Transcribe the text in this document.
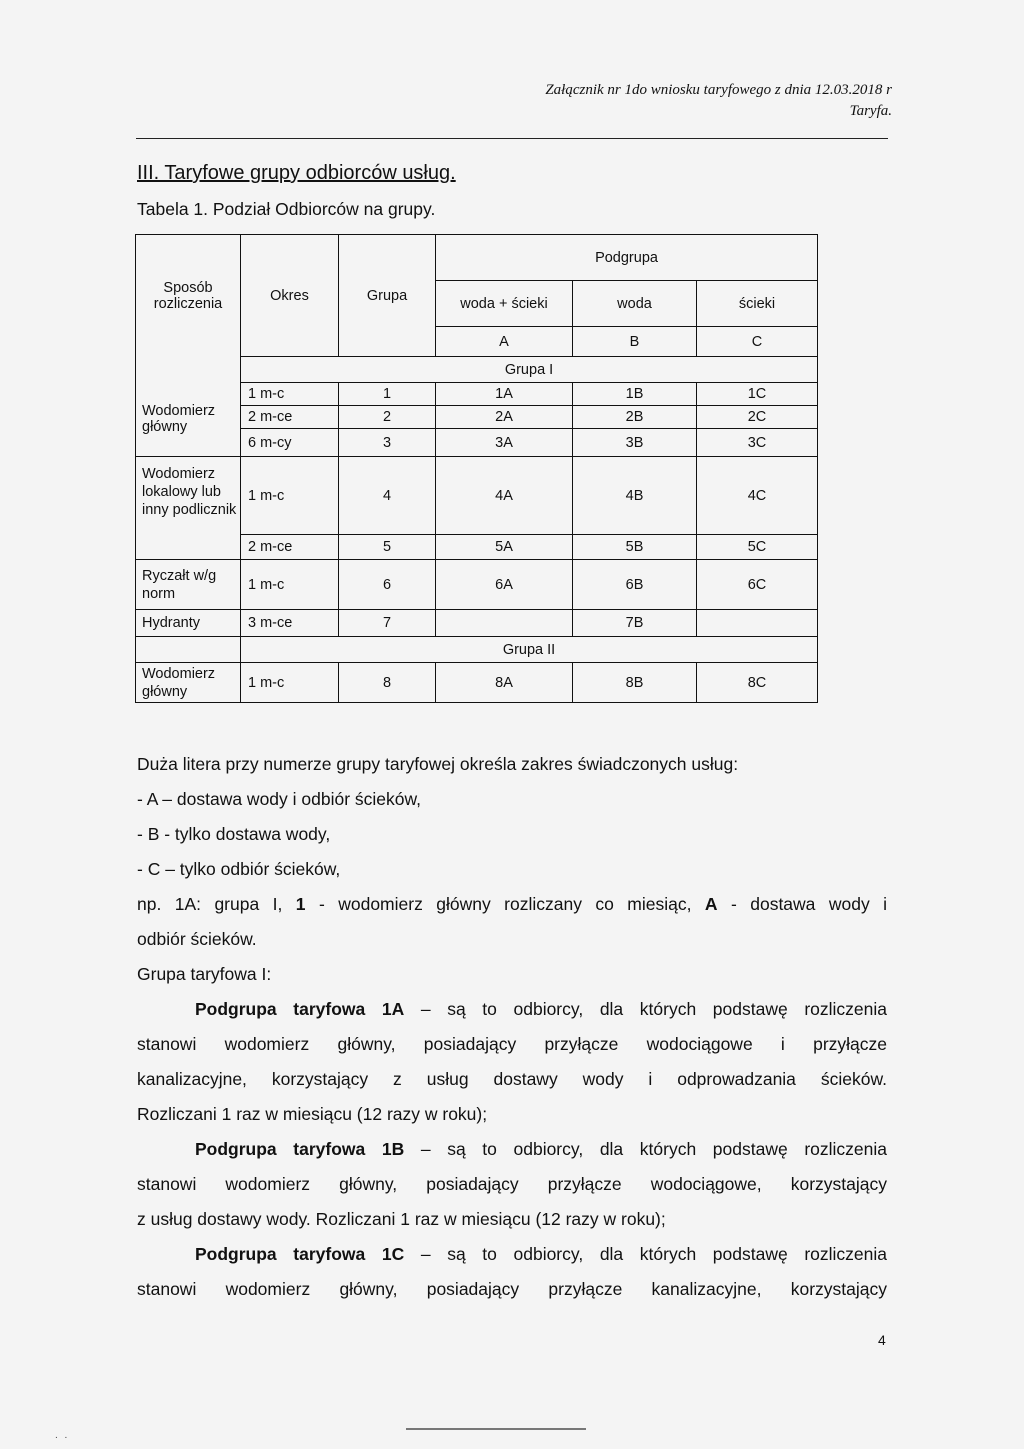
Załącznik nr 1do wniosku taryfowego z dnia 12.03.2018 r
Taryfa.
III. Taryfowe grupy odbiorców usług.
Tabela 1. Podział Odbiorców na grupy.
Sposób rozliczenia	Okres	Grupa	Podgrupa		
			woda + ścieki	woda	ścieki
			A	B	C
	Grupa I				
Wodomierz główny	1 m-c	1	1A	1B	1C
	2 m-ce	2	2A	2B	2C
	6 m-cy	3	3A	3B	3C
Wodomierz lokalowy lub inny podlicznik	1 m-c	4	4A	4B	4C
	2 m-ce	5	5A	5B	5C
Ryczałt w/g norm	1 m-c	6	6A	6B	6C
Hydranty	3 m-ce	7		7B	
	Grupa II				
Wodomierz główny	1 m-c	8	8A	8B	8C

Duża litera przy numerze grupy taryfowej określa zakres świadczonych usług:

- A – dostawa wody i odbiór ścieków,

- B - tylko dostawa wody,

- C – tylko odbiór ścieków,

np. 1A: grupa I, 1 - wodomierz główny rozliczany co miesiąc, A - dostawa wody i

odbiór ścieków.

Grupa taryfowa I:

Podgrupa taryfowa 1A – są to odbiorcy, dla których podstawę rozliczenia

stanowi wodomierz główny, posiadający przyłącze wodociągowe i przyłącze

kanalizacyjne, korzystający z usług dostawy wody i odprowadzania ścieków.

Rozliczani 1 raz w miesiącu (12 razy w roku);

Podgrupa taryfowa 1B – są to odbiorcy, dla których podstawę rozliczenia

stanowi wodomierz główny, posiadający przyłącze wodociągowe, korzystający

z usług dostawy wody. Rozliczani 1 raz w miesiącu (12 razy w roku);

Podgrupa taryfowa 1C – są to odbiorcy, dla których podstawę rozliczenia

stanowi wodomierz główny, posiadający przyłącze kanalizacyjne, korzystający

4
. .
